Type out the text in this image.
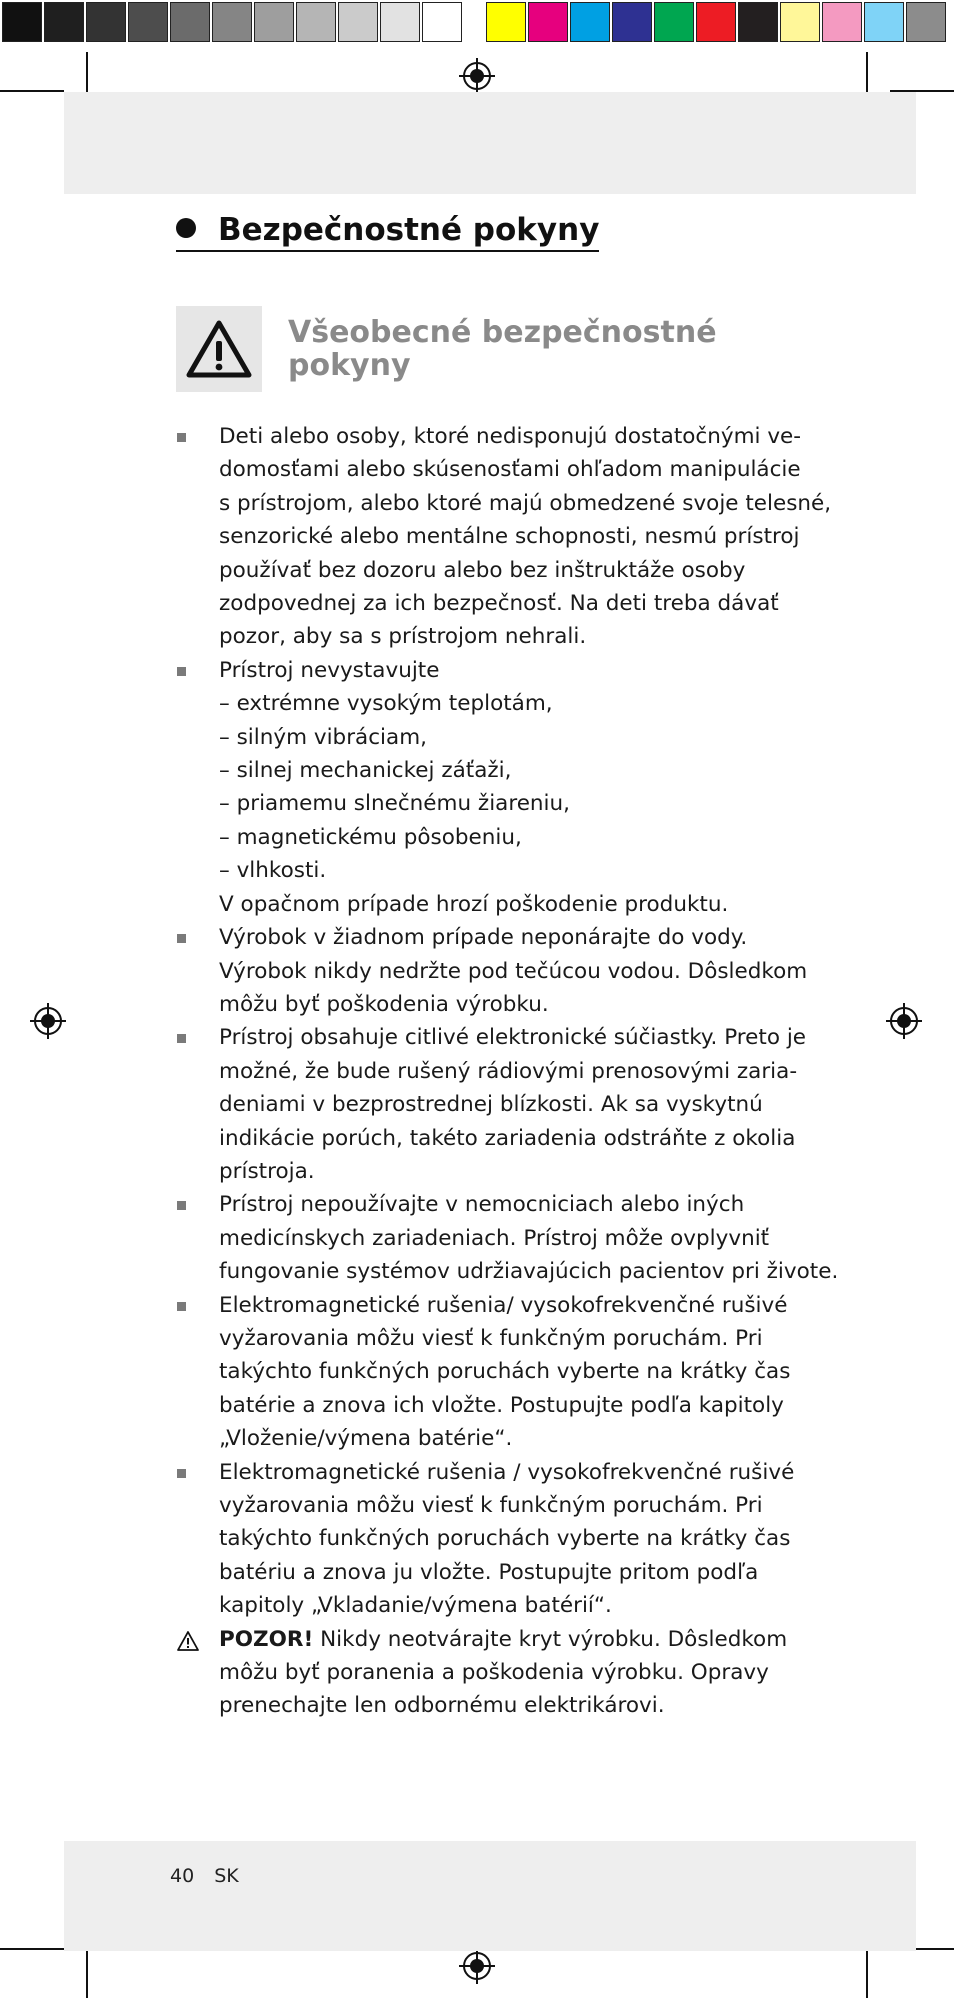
Bezpečnostné pokyny
Všeobecné bezpečnostné pokyny
Deti alebo osoby, ktoré nedisponujú dostatočnými ve-
domosťami alebo skúsenosťami ohľadom manipulácie
s prístrojom, alebo ktoré majú obmedzené svoje telesné,
senzorické alebo mentálne schopnosti, nesmú prístroj
používať bez dozoru alebo bez inštruktáže osoby
zodpovednej za ich bezpečnosť. Na deti treba dávať
pozor, aby sa s prístrojom nehrali.
Prístroj nevystavujte
– extrémne vysokým teplotám,
– silným vibráciam,
– silnej mechanickej záťaži,
– priamemu slnečnému žiareniu,
– magnetickému pôsobeniu,
– vlhkosti.
V opačnom prípade hrozí poškodenie produktu.
Výrobok v žiadnom prípade neponárajte do vody.
Výrobok nikdy nedržte pod tečúcou vodou. Dôsledkom
môžu byť poškodenia výrobku.
Prístroj obsahuje citlivé elektronické súčiastky. Preto je
možné, že bude rušený rádiovými prenosovými zaria-
deniami v bezprostrednej blízkosti. Ak sa vyskytnú
indikácie porúch, takéto zariadenia odstráňte z okolia
prístroja.
Prístroj nepoužívajte v nemocniciach alebo iných
medicínskych zariadeniach. Prístroj môže ovplyvniť
fungovanie systémov udržiavajúcich pacientov pri živote.
Elektromagnetické rušenia/ vysokofrekvenčné rušivé
vyžarovania môžu viesť k funkčným poruchám. Pri
takýchto funkčných poruchách vyberte na krátky čas
batérie a znova ich vložte. Postupujte podľa kapitoly
„Vloženie/výmena batérie“.
Elektromagnetické rušenia / vysokofrekvenčné rušivé
vyžarovania môžu viesť k funkčným poruchám. Pri
takýchto funkčných poruchách vyberte na krátky čas
batériu a znova ju vložte. Postupujte pritom podľa
kapitoly „Vkladanie/výmena batérií“.
POZOR! Nikdy neotvárajte kryt výrobku. Dôsledkom
môžu byť poranenia a poškodenia výrobku. Opravy
prenechajte len odbornému elektrikárovi.
40 SK
